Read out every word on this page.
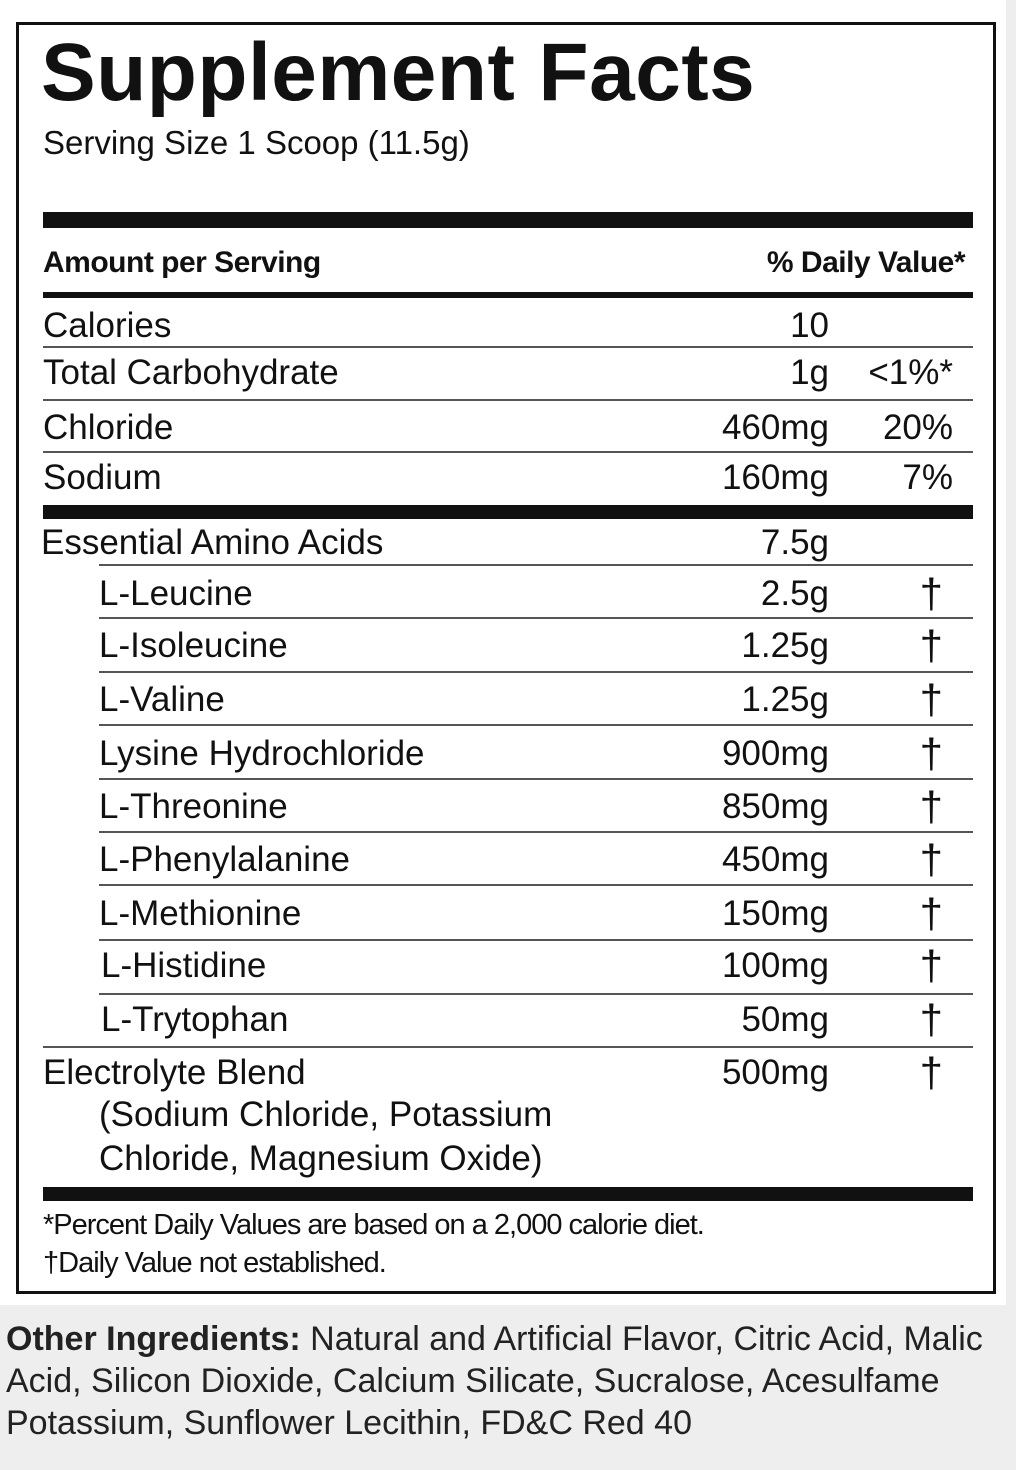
Supplement Facts
Serving Size 1 Scoop (11.5g)
Amount per Serving	% Daily Value*
Calories	10
Total Carbohydrate	1g <1%*
Chloride	460mg 20%
Sodium	160mg 7%
Essential Amino Acids	7.5g
L-Leucine	2.5g †
L-Isoleucine	1.25g †
L-Valine	1.25g †
Lysine Hydrochloride	900mg †
L-Threonine	850mg †
L-Phenylalanine	450mg †
L-Methionine	150mg †
L-Histidine	100mg †
L-Trytophan	50mg †
Electrolyte Blend	500mg †
(Sodium Chloride, Potassium
Chloride, Magnesium Oxide)
*Percent Daily Values are based on a 2,000 calorie diet.
†Daily Value not established.
Other Ingredients: Natural and Artificial Flavor, Citric Acid, Malic Acid, Silicon Dioxide, Calcium Silicate, Sucralose, Acesulfame Potassium, Sunflower Lecithin, FD&C Red 40
